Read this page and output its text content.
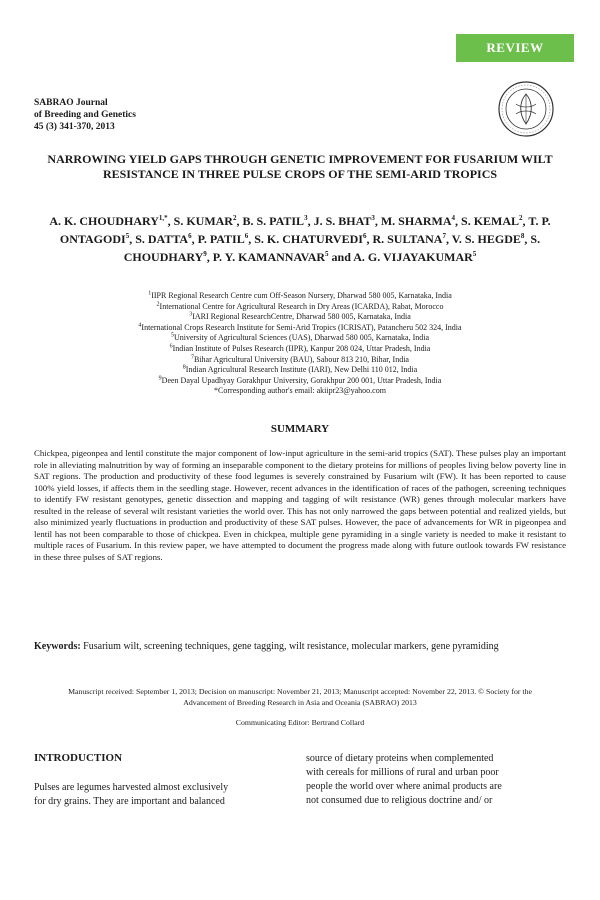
REVIEW
SABRAO Journal
of Breeding and Genetics
45 (3) 341-370, 2013
NARROWING YIELD GAPS THROUGH GENETIC IMPROVEMENT FOR FUSARIUM WILT RESISTANCE IN THREE PULSE CROPS OF THE SEMI-ARID TROPICS
A. K. $CHOUDHARY^{1,*}$, S. KUMAR$^2$, B. S. PATIL$^3$, J. S. BHAT$^3$, M. SHARMA$^4$, S. KEMAL$^2$, T. P. ONTAGODI$^5$, S. DATTA$^6$, P. PATIL$^6$, S. K. CHATURVEDI$^6$, R. SULTANA$^7$, V. S. HEGDE$^8$, S. CHOUDHARY$^9$, P. Y. KAMANNAVAR$^5$ and A. G. VIJAYAKUMAR$^5$
$^1$IIPR Regional Research Centre cum Off-Season Nursery, Dharwad 580 005, Karnataka, India
$^2$International Centre for Agricultural Research in Dry Areas (ICARDA), Rabat, Morocco
$^3$IARI Regional ResearchCentre, Dharwad 580 005, Karnataka, India
$^4$International Crops Research Institute for Semi-Arid Tropics (ICRISAT), Patancheru 502 324, India
$^5$University of Agricultural Sciences (UAS), Dharwad 580 005, Karnataka, India
$^6$Indian Institute of Pulses Research (IIPR), Kanpur 208 024, Uttar Pradesh, India
$^7$Bihar Agricultural University (BAU), Sabour 813 210, Bihar, India
$^8$Indian Agricultural Research Institute (IARI), New Delhi 110 012, India
$^9$Deen Dayal Upadhyay Gorakhpur University, Gorakhpur 200 001, Uttar Pradesh, India
*Corresponding author's email: akiipr23@yahoo.com
SUMMARY
Chickpea, pigeonpea and lentil constitute the major component of low-input agriculture in the semi-arid tropics (SAT). These pulses play an important role in alleviating malnutrition by way of forming an inseparable component to the dietary proteins for millions of peoples living below poverty line in SAT regions. The production and productivity of these food legumes is severely constrained by Fusarium wilt (FW). It has been reported to cause 100% yield losses, if affects them in the seedling stage. However, recent advances in the identification of races of the pathogen, screening techniques to identify FW resistant genotypes, genetic dissection and mapping and tagging of wilt resistance (WR) genes through molecular markers have resulted in the release of several wilt resistant varieties the world over. This has not only narrowed the gaps between potential and realized yields, but also minimized yearly fluctuations in production and productivity of these SAT pulses. However, the pace of advancements for WR in pigeonpea and lentil has not been comparable to those of chickpea. Even in chickpea, multiple gene pyramiding in a single variety is needed to make it resistant to multiple races of Fusarium. In this review paper, we have attempted to document the progress made along with future outlook towards FW resistance in these three pulses of SAT regions.
Keywords: Fusarium wilt, screening techniques, gene tagging, wilt resistance, molecular markers, gene pyramiding
Manuscript received: September 1, 2013; Decision on manuscript: November 21, 2013; Manuscript accepted: November 22, 2013. © Society for the Advancement of Breeding Research in Asia and Oceania (SABRAO) 2013
Communicating Editor: Bertrand Collard
INTRODUCTION
Pulses are legumes harvested almost exclusively
for dry grains. They are important and balanced
source of dietary proteins when complemented
with cereals for millions of rural and urban poor
people the world over where animal products are
not consumed due to religious doctrine and/ or
